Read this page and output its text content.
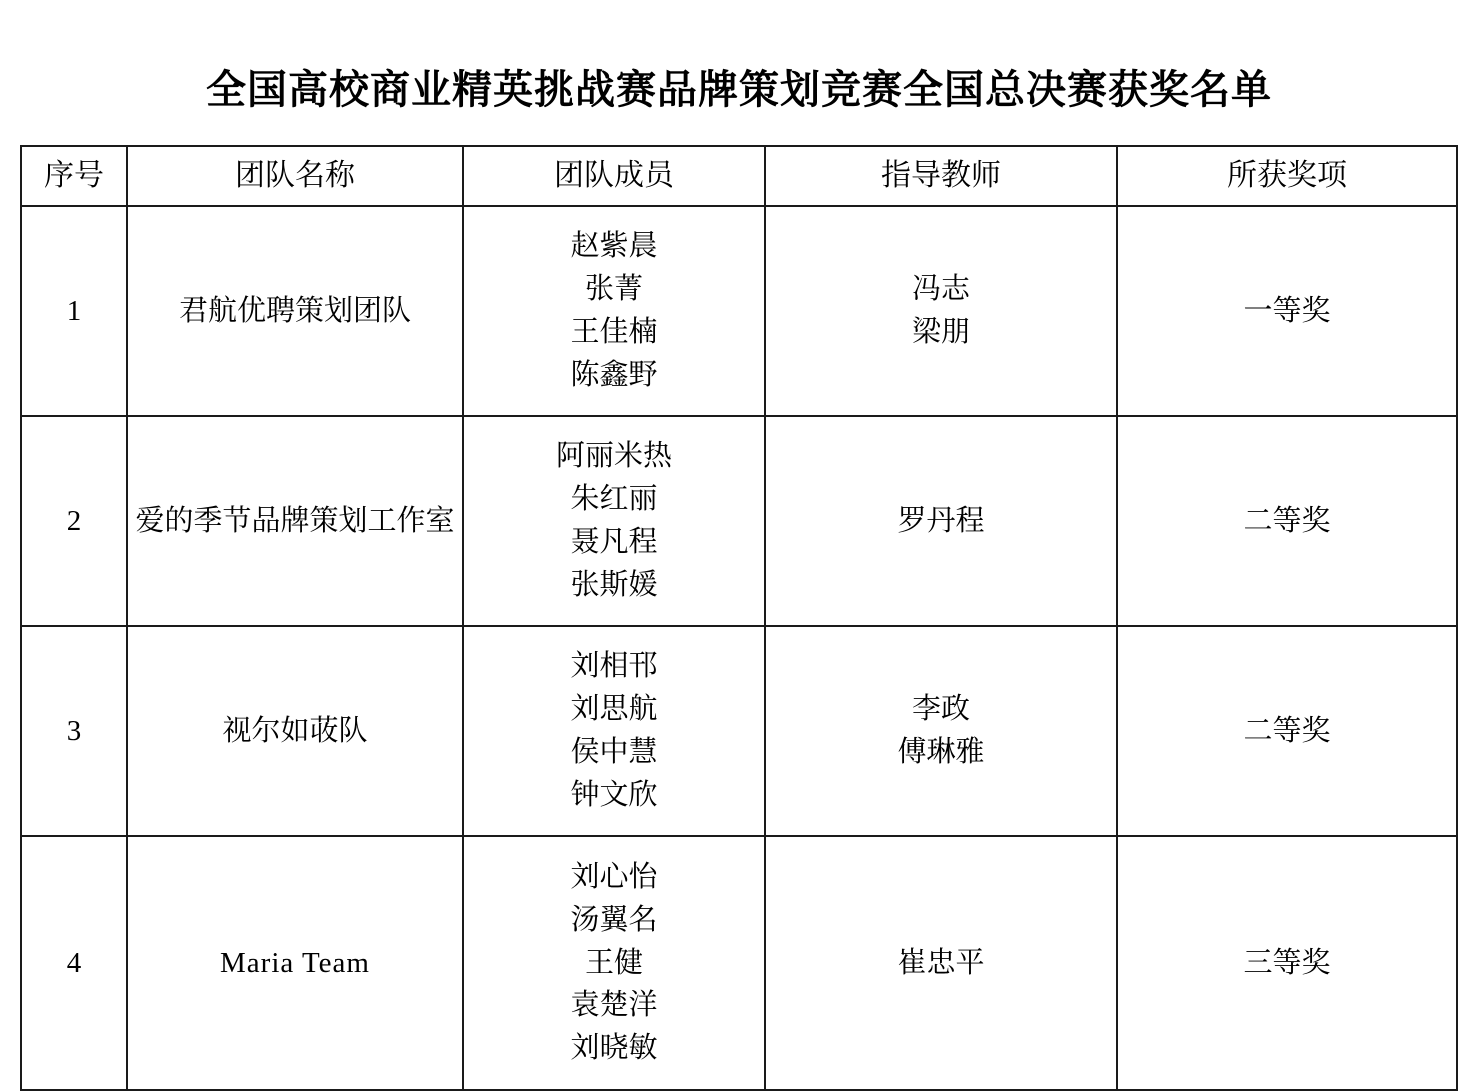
全国高校商业精英挑战赛品牌策划竞赛全国总决赛获奖名单
序号	团队名称	团队成员	指导教师	所获奖项
1	君航优聘策划团队	赵紫晨
张菁
王佳楠
陈鑫野	冯志
梁朋	一等奖
2	爱的季节品牌策划工作室	阿丽米热
朱红丽
聂凡程
张斯媛	罗丹程	二等奖
3	视尔如荍队	刘相邗
刘思航
侯中慧
钟文欣	李政
傅琳雅	二等奖
4	Maria Team	刘心怡
汤翼名
王健
袁楚洋
刘晓敏	崔忠平	三等奖
